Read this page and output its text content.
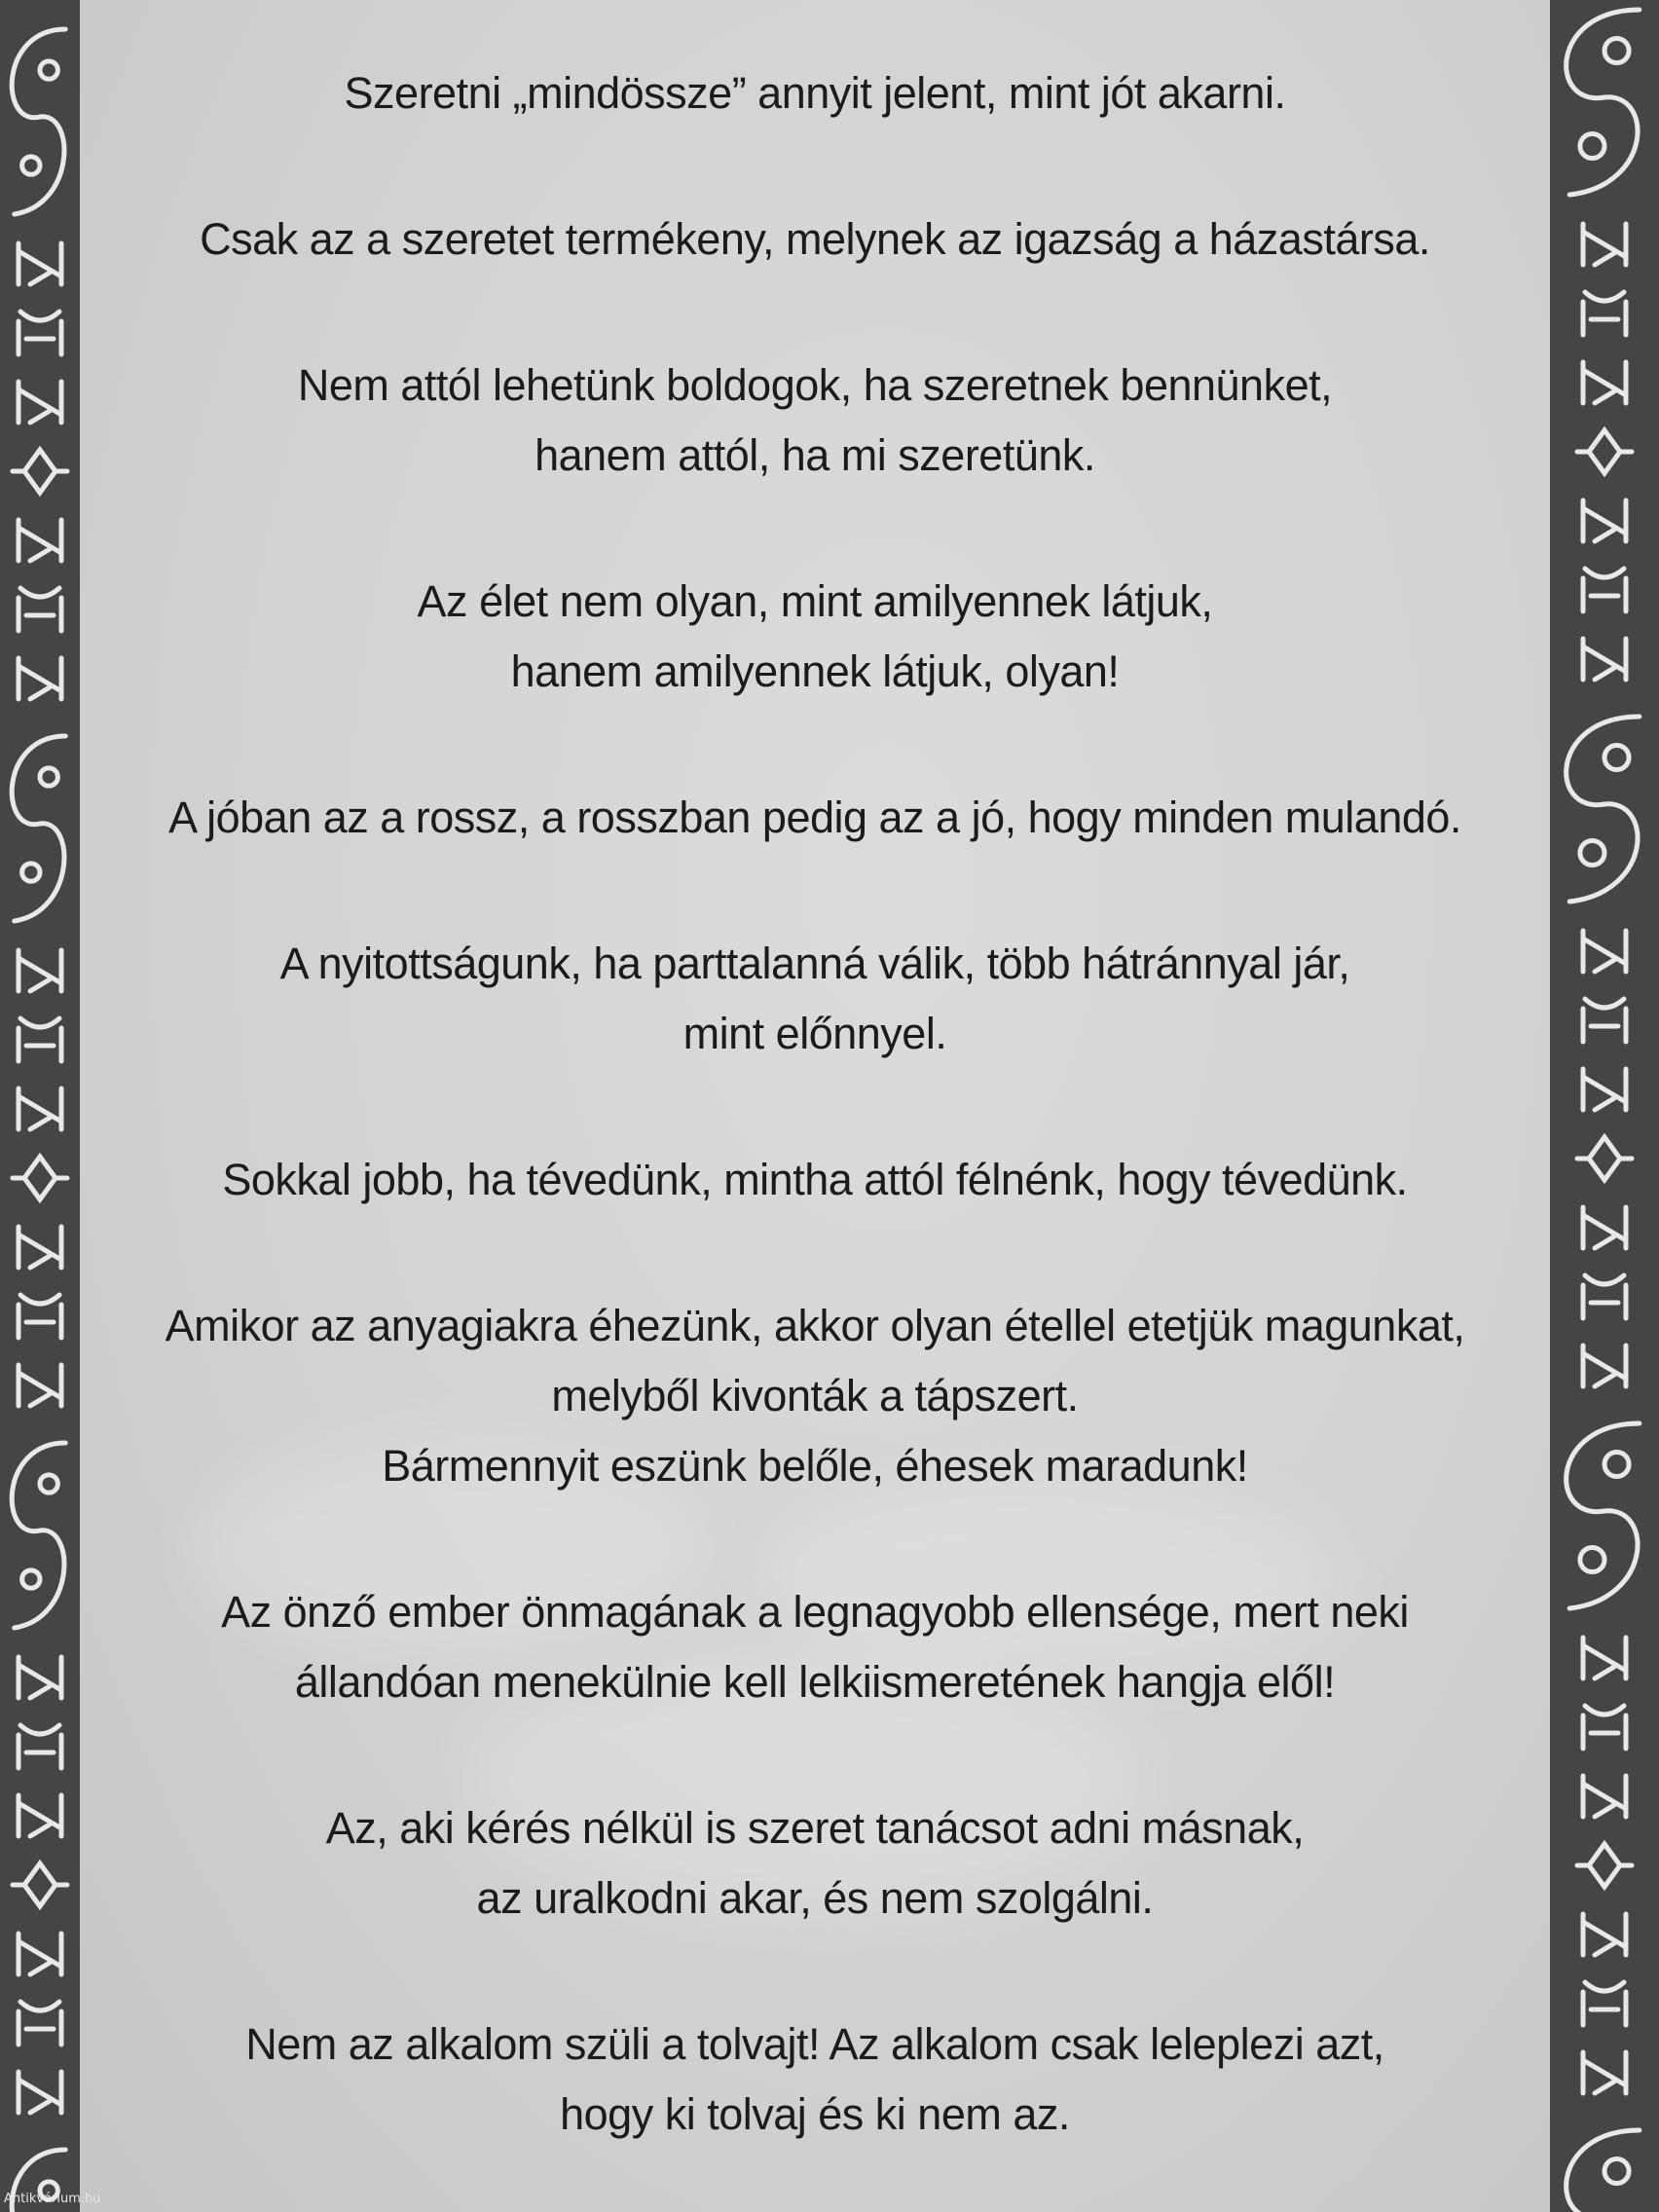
Szeretni „mindössze” annyit jelent, mint jót akarni.
Csak az a szeretet termékeny, melynek az igazság a házastársa.
Nem attól lehetünk boldogok, ha szeretnek bennünket,
hanem attól, ha mi szeretünk.
Az élet nem olyan, mint amilyennek látjuk,
hanem amilyennek látjuk, olyan!
A jóban az a rossz, a rosszban pedig az a jó, hogy minden mulandó.
A nyitottságunk, ha parttalanná válik, több hátránnyal jár,
mint előnnyel.
Sokkal jobb, ha tévedünk, mintha attól félnénk, hogy tévedünk.
Amikor az anyagiakra éhezünk, akkor olyan étellel etetjük magunkat,
melyből kivonták a tápszert.
Bármennyit eszünk belőle, éhesek maradunk!
Az önző ember önmagának a legnagyobb ellensége, mert neki
állandóan menekülnie kell lelkiismeretének hangja elől!
Az, aki kérés nélkül is szeret tanácsot adni másnak,
az uralkodni akar, és nem szolgálni.
Nem az alkalom szüli a tolvajt! Az alkalom csak leleplezi azt,
hogy ki tolvaj és ki nem az.
Antikvárium.hu
